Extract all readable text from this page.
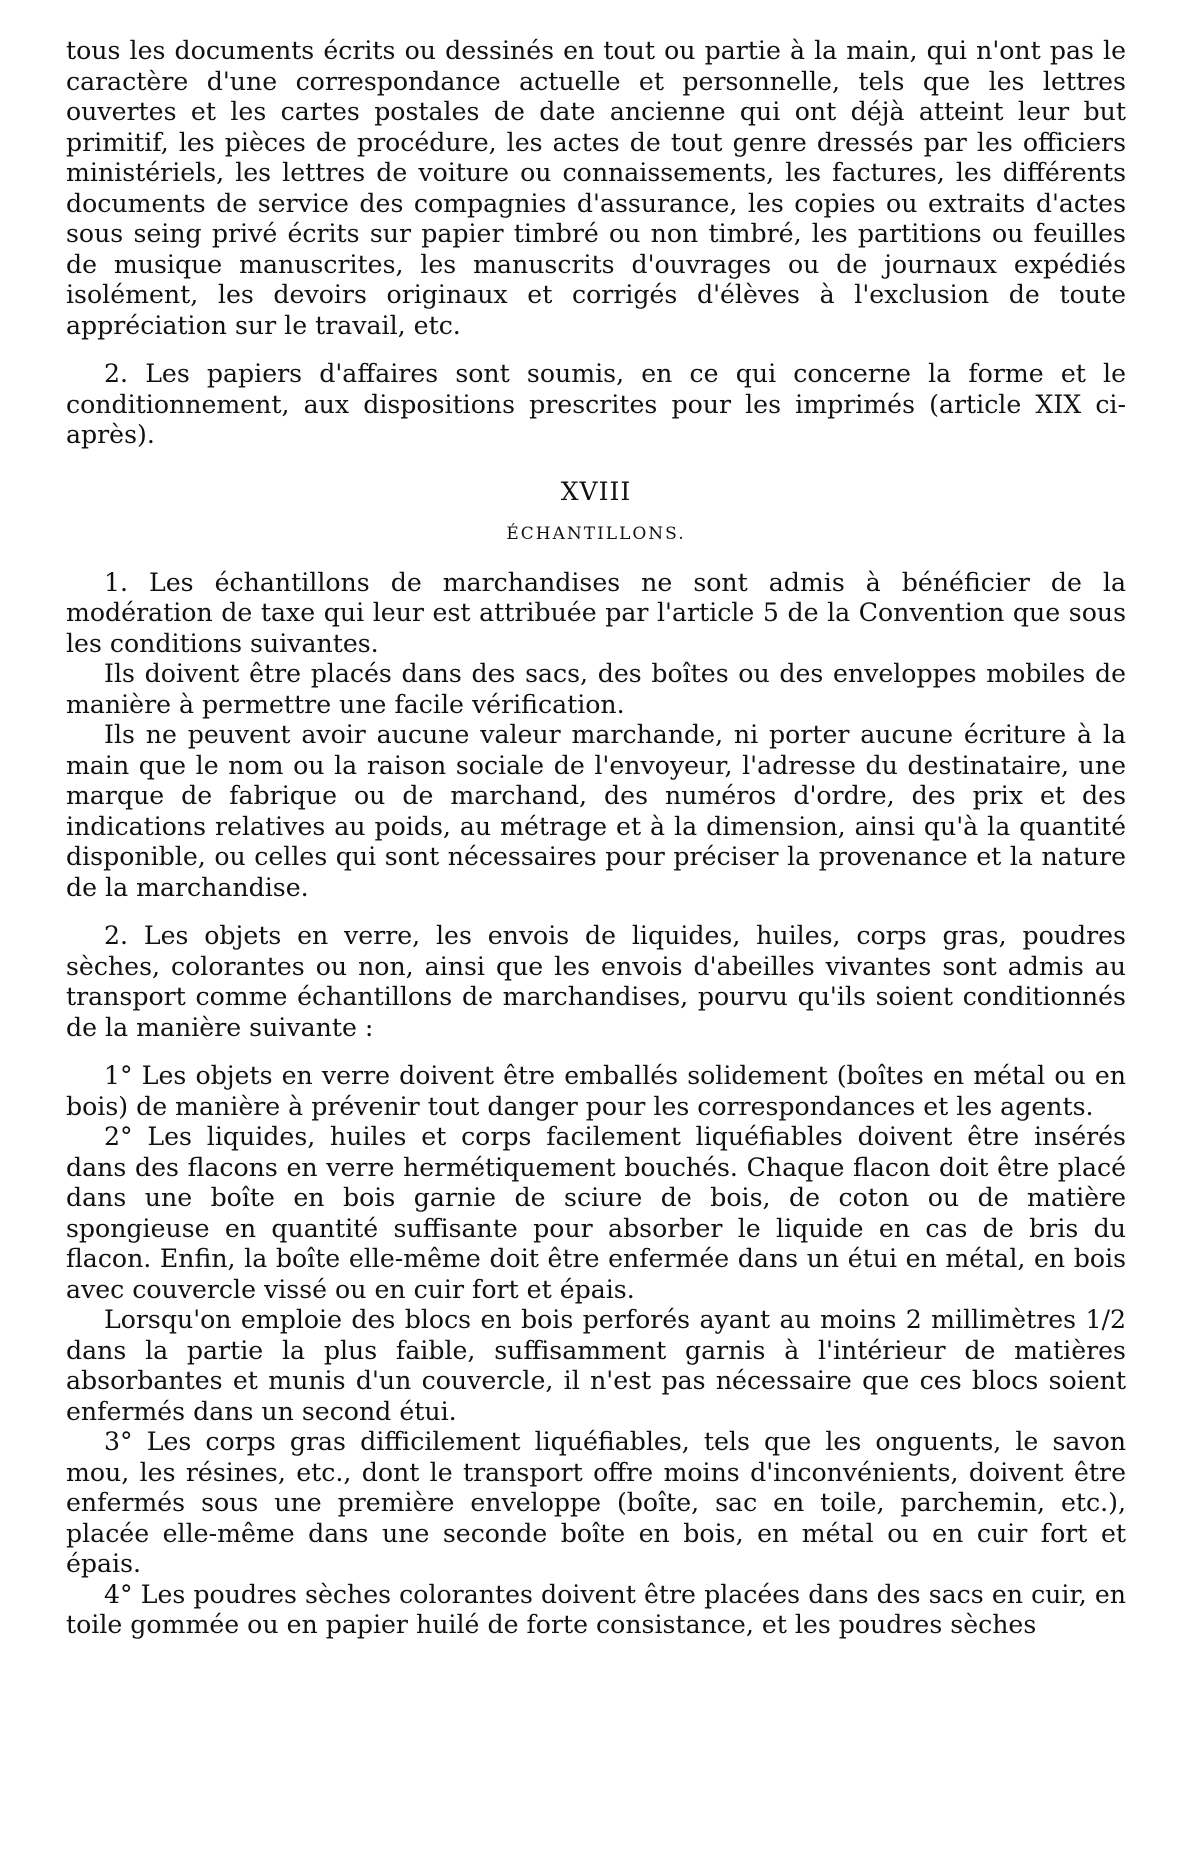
tous les documents écrits ou dessinés en tout ou partie à la main, qui n'ont pas le caractère d'une correspondance actuelle et personnelle, tels que les lettres ouvertes et les cartes postales de date ancienne qui ont déjà atteint leur but primitif, les pièces de procédure, les actes de tout genre dressés par les officiers ministériels, les lettres de voiture ou connaissements, les factures, les différents documents de service des compagnies d'assurance, les copies ou extraits d'actes sous seing privé écrits sur papier timbré ou non timbré, les partitions ou feuilles de musique manuscrites, les manuscrits d'ouvrages ou de journaux expédiés isolément, les devoirs originaux et corrigés d'élèves à l'exclusion de toute appréciation sur le travail, etc.

2. Les papiers d'affaires sont soumis, en ce qui concerne la forme et le conditionnement, aux dispositions prescrites pour les imprimés (article XIX ci-après).

XVIII
ÉCHANTILLONS.

1. Les échantillons de marchandises ne sont admis à bénéficier de la modération de taxe qui leur est attribuée par l'article 5 de la Convention que sous les conditions suivantes.

Ils doivent être placés dans des sacs, des boîtes ou des enveloppes mobiles de manière à permettre une facile vérification.

Ils ne peuvent avoir aucune valeur marchande, ni porter aucune écriture à la main que le nom ou la raison sociale de l'envoyeur, l'adresse du destinataire, une marque de fabrique ou de marchand, des numéros d'ordre, des prix et des indications relatives au poids, au métrage et à la dimension, ainsi qu'à la quantité disponible, ou celles qui sont nécessaires pour préciser la provenance et la nature de la marchandise.

2. Les objets en verre, les envois de liquides, huiles, corps gras, poudres sèches, colorantes ou non, ainsi que les envois d'abeilles vivantes sont admis au transport comme échantillons de marchandises, pourvu qu'ils soient conditionnés de la manière suivante :

1° Les objets en verre doivent être emballés solidement (boîtes en métal ou en bois) de manière à prévenir tout danger pour les correspondances et les agents.

2° Les liquides, huiles et corps facilement liquéfiables doivent être insérés dans des flacons en verre hermétiquement bouchés. Chaque flacon doit être placé dans une boîte en bois garnie de sciure de bois, de coton ou de matière spongieuse en quantité suffisante pour absorber le liquide en cas de bris du flacon. Enfin, la boîte elle-même doit être enfermée dans un étui en métal, en bois avec couvercle vissé ou en cuir fort et épais.

Lorsqu'on emploie des blocs en bois perforés ayant au moins 2 millimètres 1/2 dans la partie la plus faible, suffisamment garnis à l'intérieur de matières absorbantes et munis d'un couvercle, il n'est pas nécessaire que ces blocs soient enfermés dans un second étui.

3° Les corps gras difficilement liquéfiables, tels que les onguents, le savon mou, les résines, etc., dont le transport offre moins d'inconvénients, doivent être enfermés sous une première enveloppe (boîte, sac en toile, parchemin, etc.), placée elle-même dans une seconde boîte en bois, en métal ou en cuir fort et épais.

4° Les poudres sèches colorantes doivent être placées dans des sacs en cuir, en toile gommée ou en papier huilé de forte consistance, et les poudres sèches
